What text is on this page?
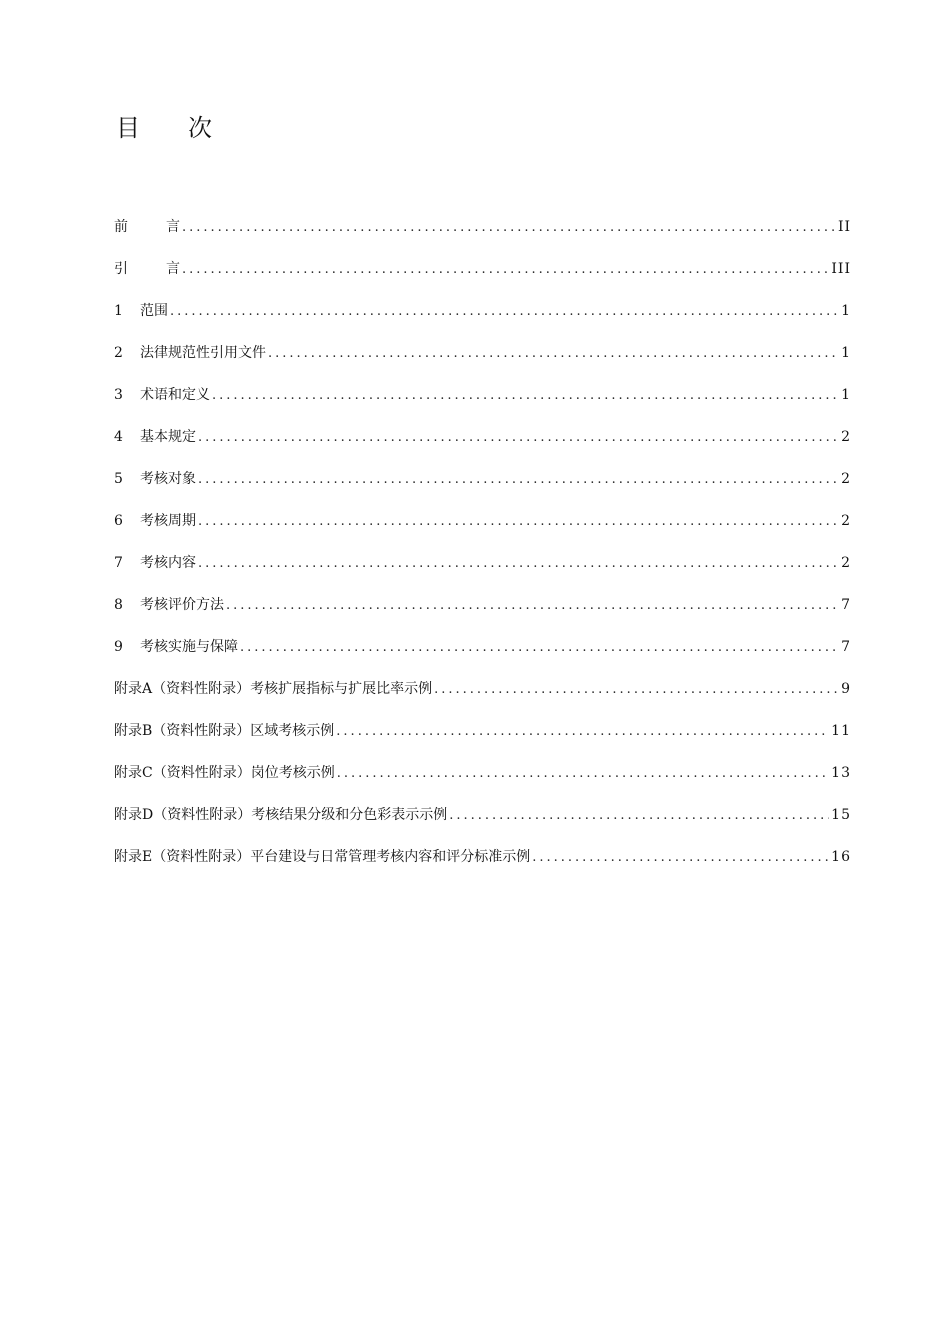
目 次
前	言 .....	II
引	言 .....	III
1	范围 .....	1
2	法律规范性引用文件 .....	1
3	术语和定义 .....	1
4	基本规定 .....	2
5	考核对象 .....	2
6	考核周期 .....	2
7	考核内容 .....	2
8	考核评价方法 .....	7
9	考核实施与保障 .....	7
附录A（资料性附录）考核扩展指标与扩展比率示例 .....	9
附录B（资料性附录）区域考核示例 .....	11
附录C（资料性附录）岗位考核示例 .....	13
附录D（资料性附录）考核结果分级和分色彩表示示例 .....	15
附录E（资料性附录）平台建设与日常管理考核内容和评分标准示例 .....	16
